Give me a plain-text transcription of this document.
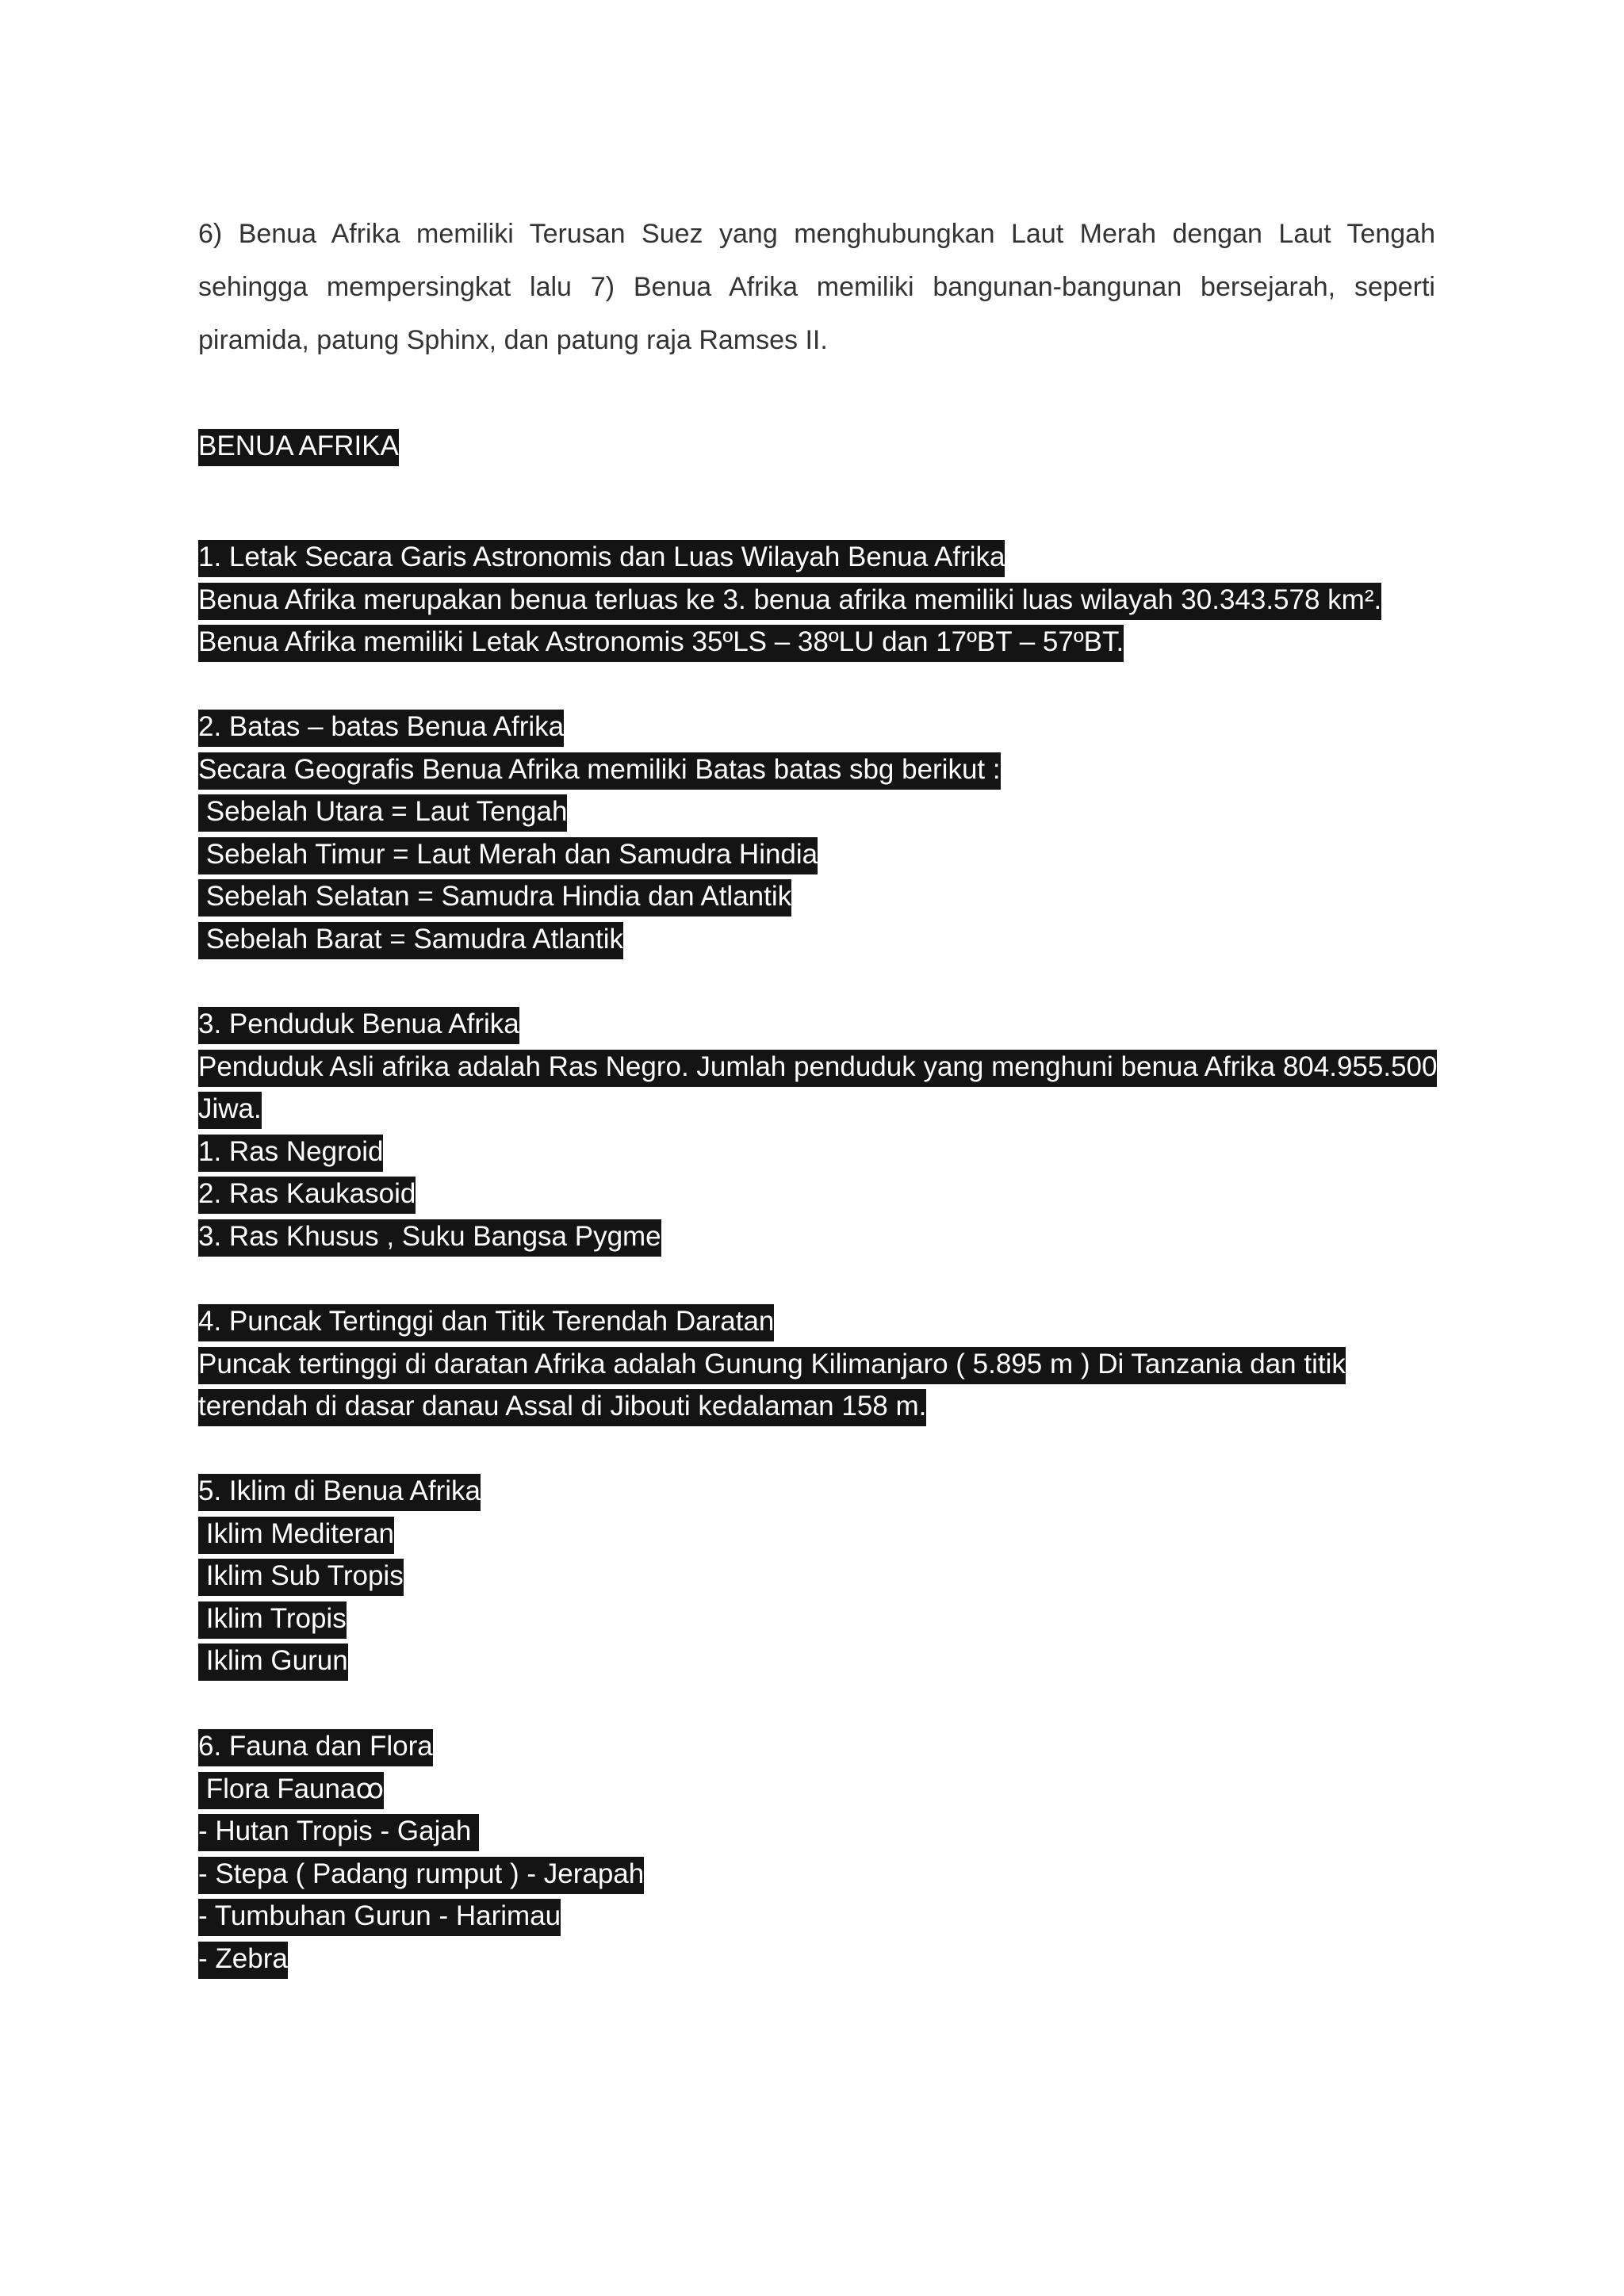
6) Benua Afrika memiliki Terusan Suez yang menghubungkan Laut Merah dengan Laut Tengah sehingga mempersingkat lalu 7) Benua Afrika memiliki bangunan-bangunan bersejarah, seperti piramida, patung Sphinx, dan patung raja Ramses II.

BENUA AFRIKA
1. Letak Secara Garis Astronomis dan Luas Wilayah Benua Afrika
Benua Afrika merupakan benua terluas ke 3. benua afrika memiliki luas wilayah 30.343.578 km².
Benua Afrika memiliki Letak Astronomis 35ºLS – 38ºLU dan 17ºBT – 57ºBT.
2. Batas – batas Benua Afrika
Secara Geografis Benua Afrika memiliki Batas batas sbg berikut :
Sebelah Utara = Laut Tengah
Sebelah Timur = Laut Merah dan Samudra Hindia
Sebelah Selatan = Samudra Hindia dan Atlantik
Sebelah Barat = Samudra Atlantik
3. Penduduk Benua Afrika
Penduduk Asli afrika adalah Ras Negro. Jumlah penduduk yang menghuni benua Afrika 804.955.500
Jiwa.
1. Ras Negroid
2. Ras Kaukasoid
3. Ras Khusus , Suku Bangsa Pygme
4. Puncak Tertinggi dan Titik Terendah Daratan
Puncak tertinggi di daratan Afrika adalah Gunung Kilimanjaro ( 5.895 m ) Di Tanzania dan titik
terendah di dasar danau Assal di Jibouti kedalaman 158 m.
5. Iklim di Benua Afrika
Iklim Mediteran
Iklim Sub Tropis
Iklim Tropis
Iklim Gurun
6. Fauna dan Flora
Flora Faunaꝏ
- Hutan Tropis - Gajah
- Stepa ( Padang rumput ) - Jerapah
- Tumbuhan Gurun - Harimau
- Zebra
